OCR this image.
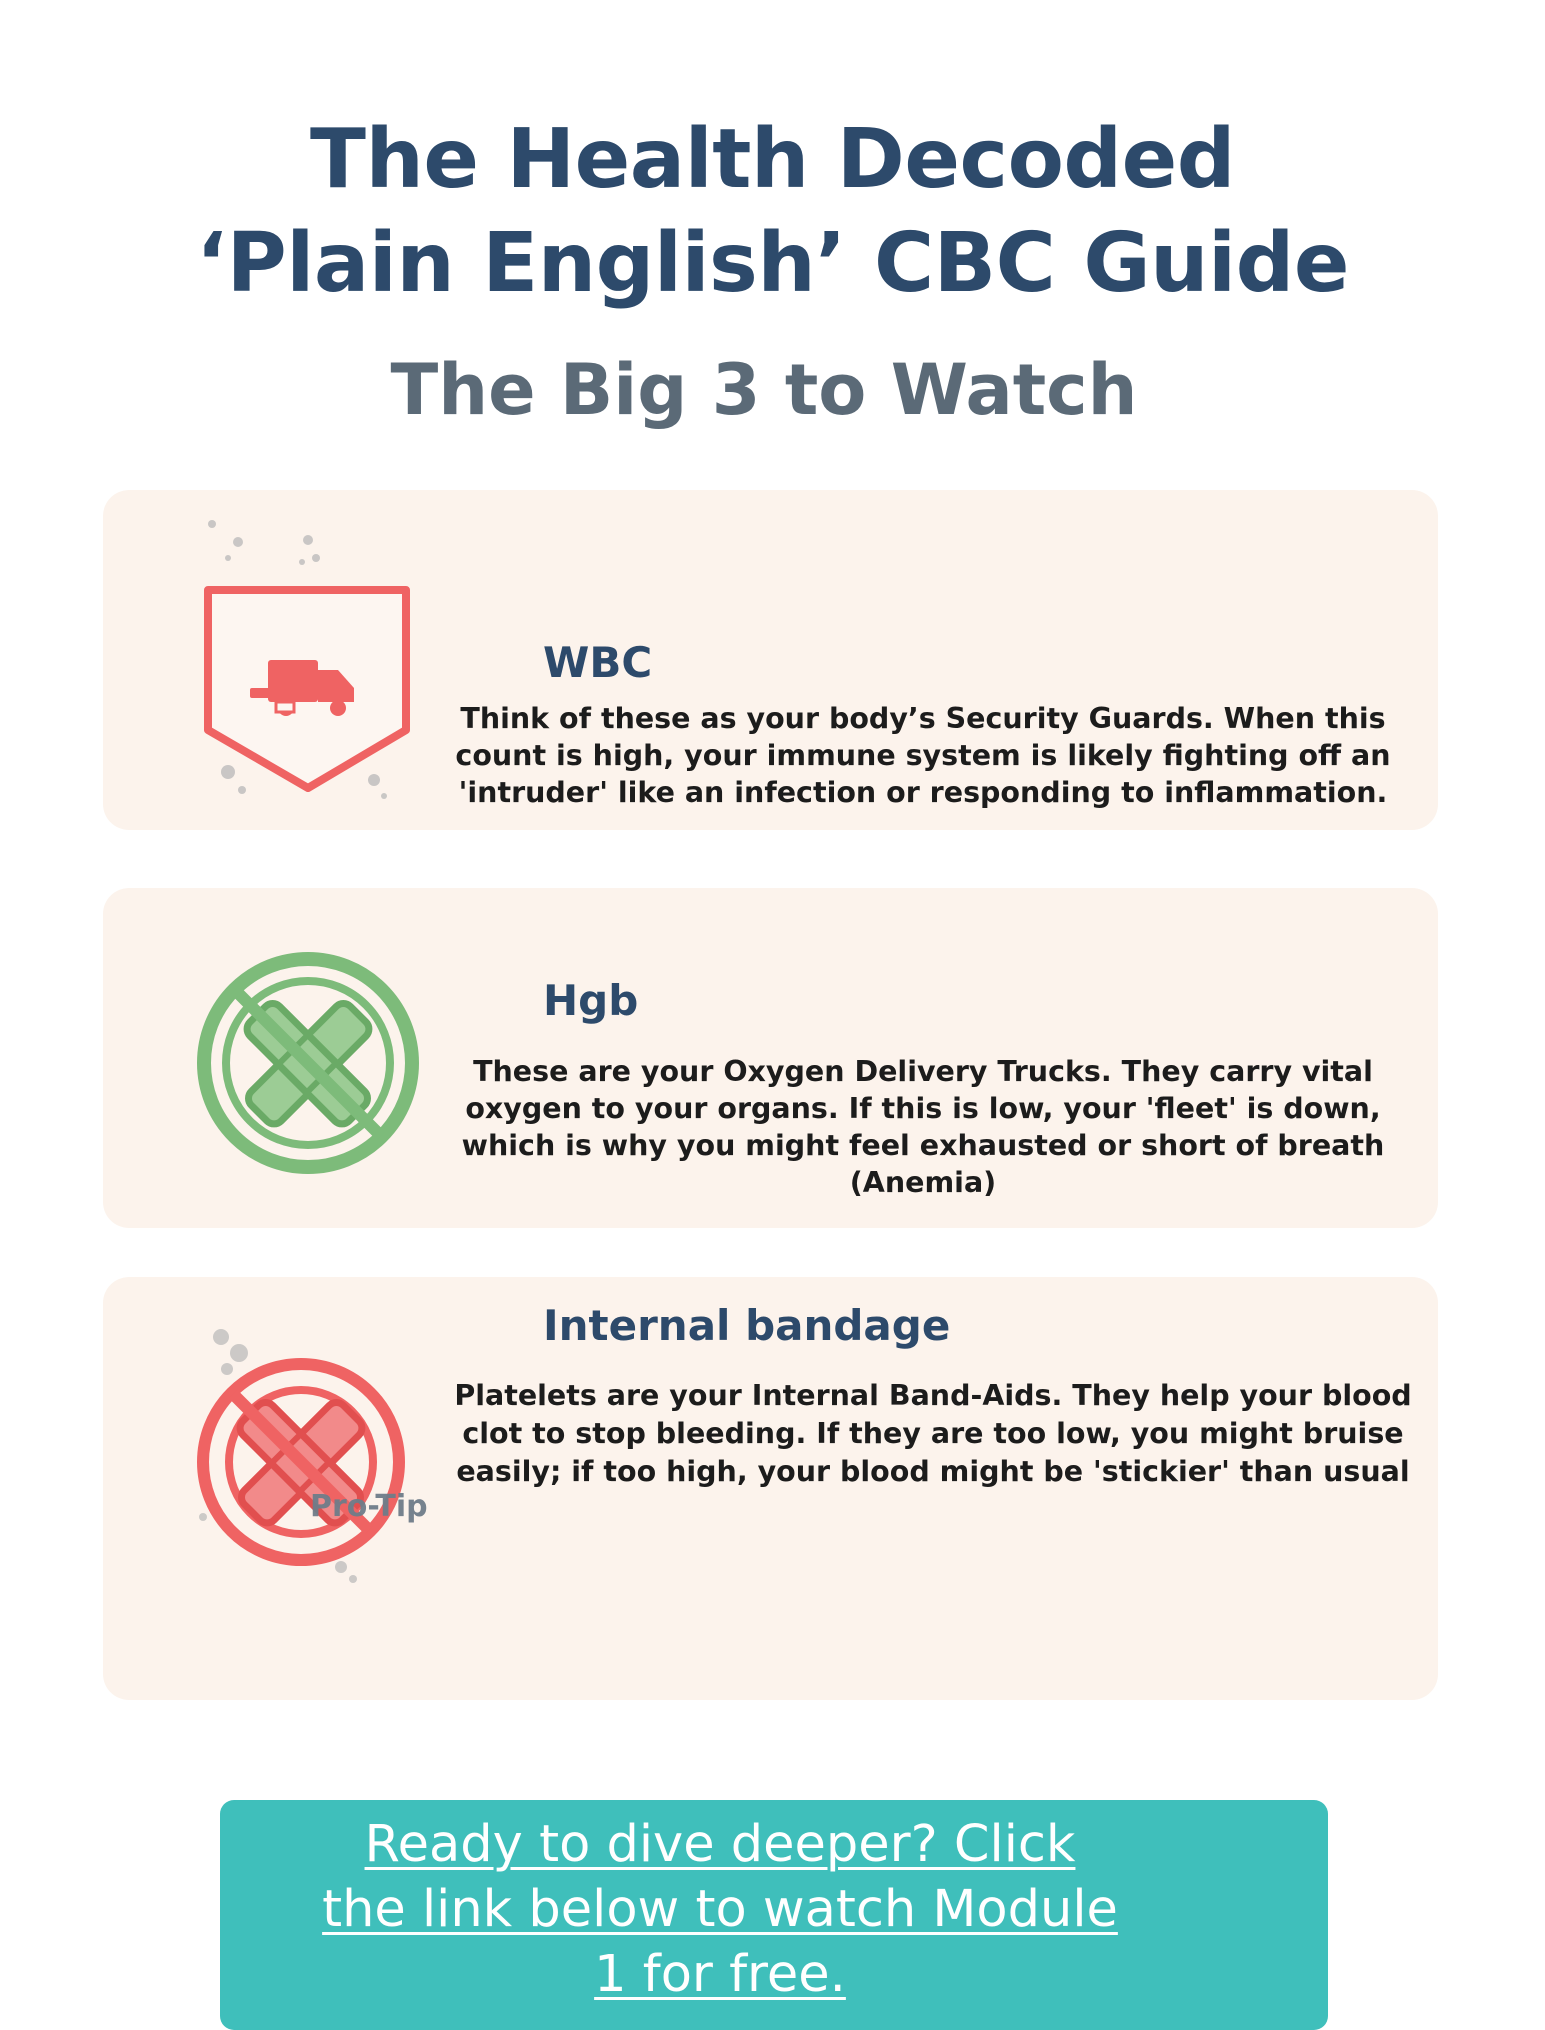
The Health Decoded
‘Plain English’ CBC Guide
The Big 3 to Watch
WBC
Think of these as your body’s Security Guards. When this count is high, your immune system is likely fighting off an 'intruder' like an infection or responding to inflammation.
Hgb
These are your Oxygen Delivery Trucks. They carry vital oxygen to your organs. If this is low, your 'fleet' is down, which is why you might feel exhausted or short of breath (Anemia)
Pro-Tip
Internal bandage
Platelets are your Internal Band-Aids. They help your blood clot to stop bleeding. If they are too low, you might bruise easily; if too high, your blood might be 'stickier' than usual
Ready to dive deeper? Click the link below to watch Module 1 for free.
